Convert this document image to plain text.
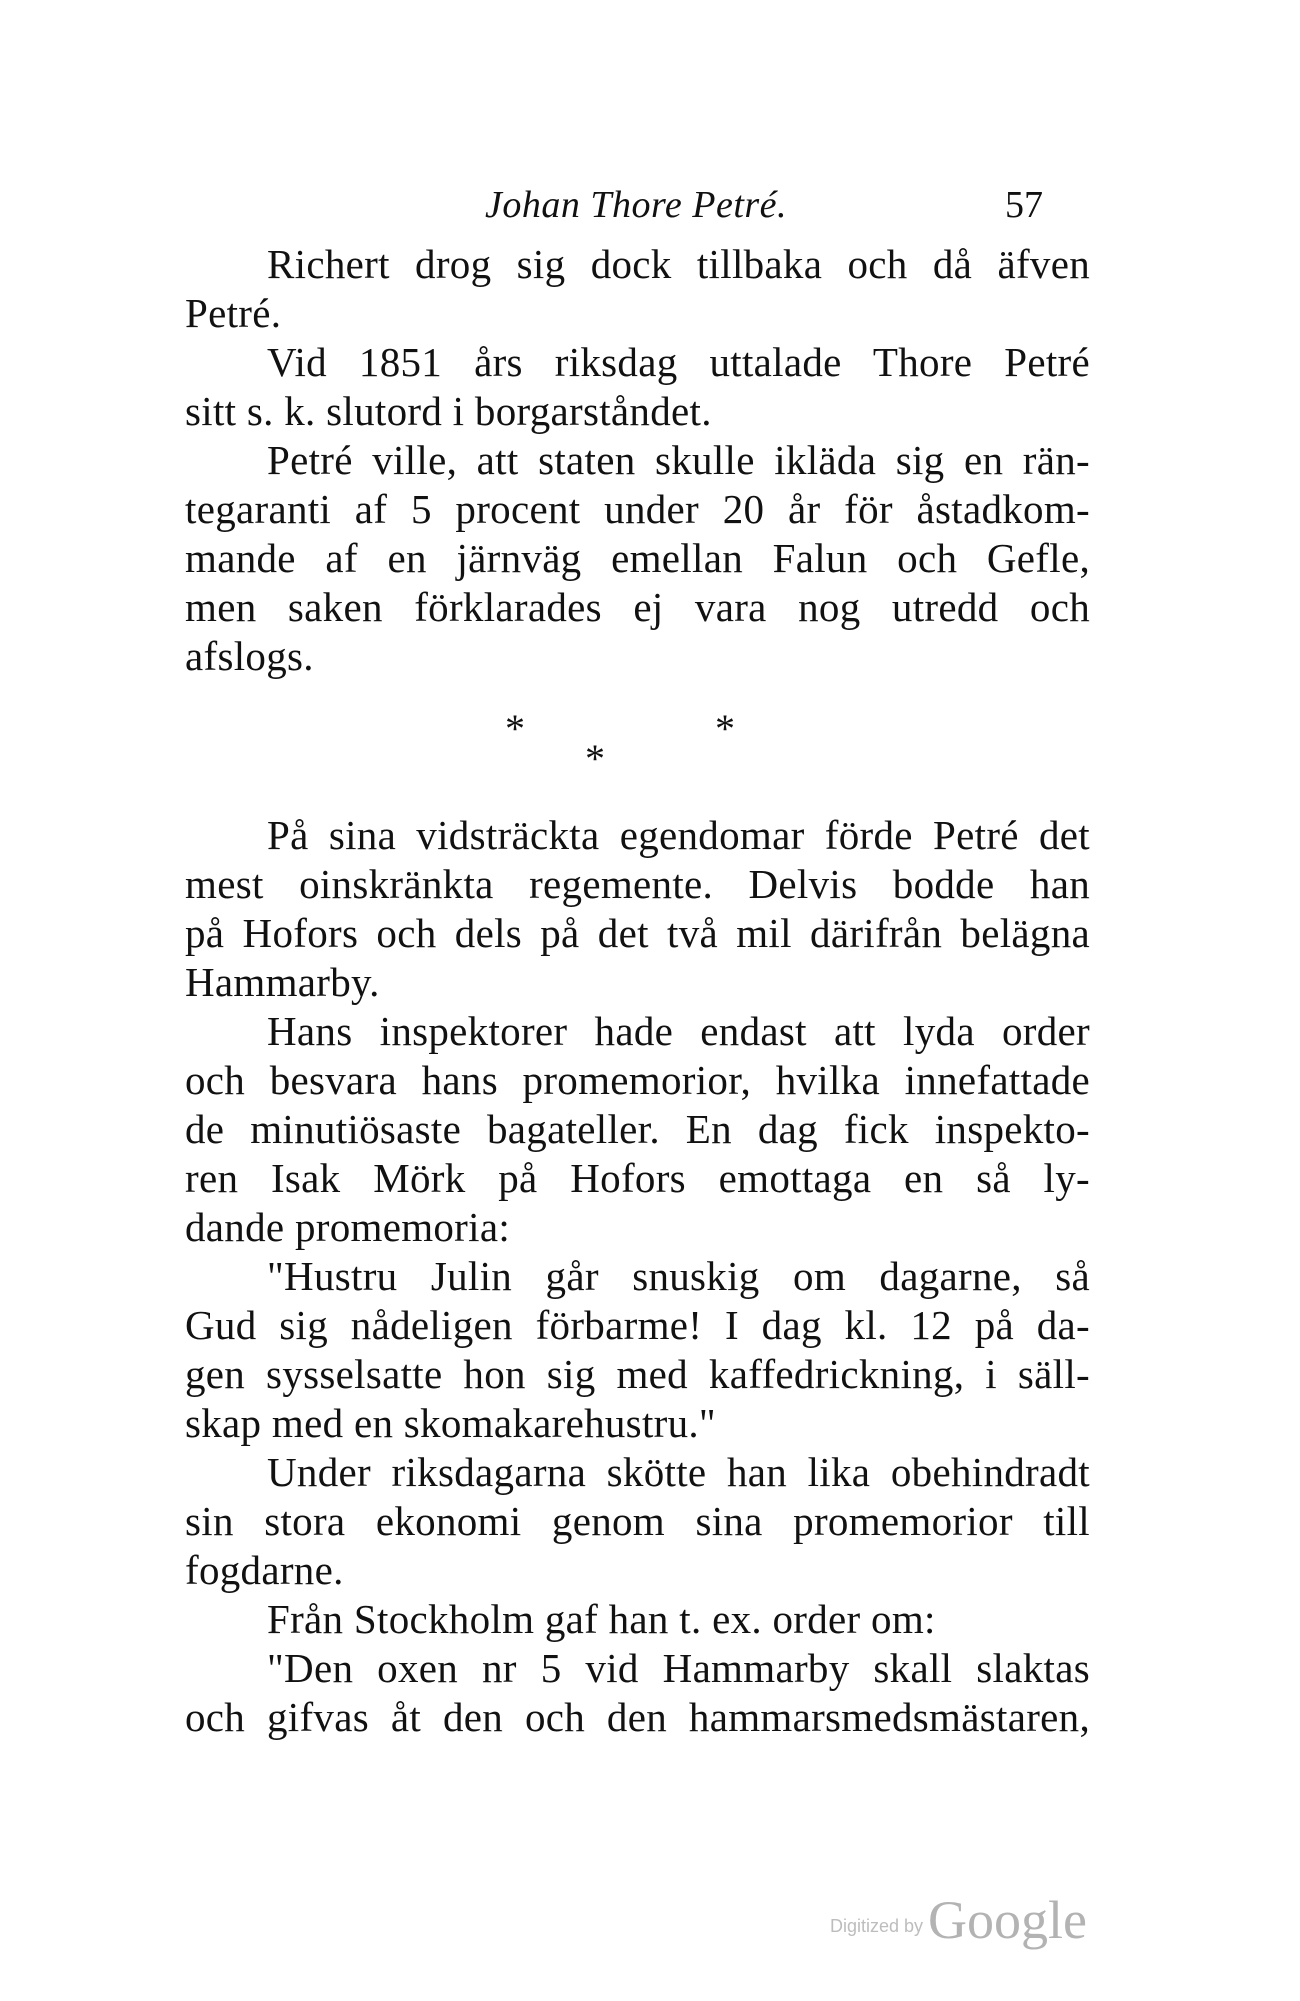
Johan Thore Petré.	57
Richert drog sig dock tillbaka och då äfven
Petré.
Vid 1851 års riksdag uttalade Thore Petré
sitt s. k. slutord i borgarståndet.
Petré ville, att staten skulle ikläda sig en rän-
tegaranti af 5 procent under 20 år för åstadkom-
mande af en järnväg emellan Falun och Gefle,
men saken förklarades ej vara nog utredd och
afslogs.
*
*
*
På sina vidsträckta egendomar förde Petré det
mest oinskränkta regemente. Delvis bodde han
på Hofors och dels på det två mil därifrån belägna
Hammarby.
Hans inspektorer hade endast att lyda order
och besvara hans promemorior, hvilka innefattade
de minutiösaste bagateller. En dag fick inspekto-
ren Isak Mörk på Hofors emottaga en så ly-
dande promemoria:
"Hustru Julin går snuskig om dagarne, så
Gud sig nådeligen förbarme! I dag kl. 12 på da-
gen sysselsatte hon sig med kaffedrickning, i säll-
skap med en skomakarehustru."
Under riksdagarna skötte han lika obehindradt
sin stora ekonomi genom sina promemorior till
fogdarne.
Från Stockholm gaf han t. ex. order om:
"Den oxen nr 5 vid Hammarby skall slaktas
och gifvas åt den och den hammarsmedsmästaren,
Digitized by Google
